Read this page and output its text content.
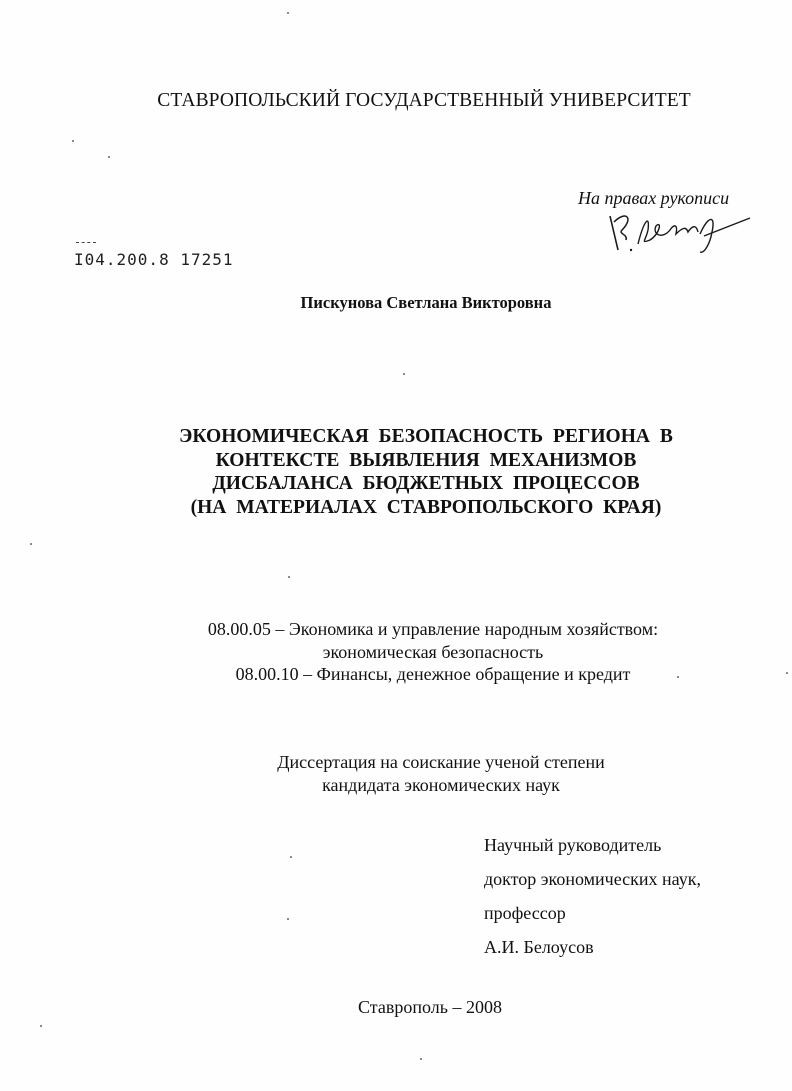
СТАВРОПОЛЬСКИЙ ГОСУДАРСТВЕННЫЙ УНИВЕРСИТЕТ
На правах рукописи
I04.200.8 17251
Пискунова Светлана Викторовна
ЭКОНОМИЧЕСКАЯ БЕЗОПАСНОСТЬ РЕГИОНА В
КОНТЕКСТЕ ВЫЯВЛЕНИЯ МЕХАНИЗМОВ
ДИСБАЛАНСА БЮДЖЕТНЫХ ПРОЦЕССОВ
(НА МАТЕРИАЛАХ СТАВРОПОЛЬСКОГО КРАЯ)
08.00.05 – Экономика и управление народным хозяйством:
экономическая безопасность
08.00.10 – Финансы, денежное обращение и кредит
Диссертация на соискание ученой степени
кандидата экономических наук
Научный руководитель
доктор экономических наук,
профессор
А.И. Белоусов
Ставрополь – 2008
